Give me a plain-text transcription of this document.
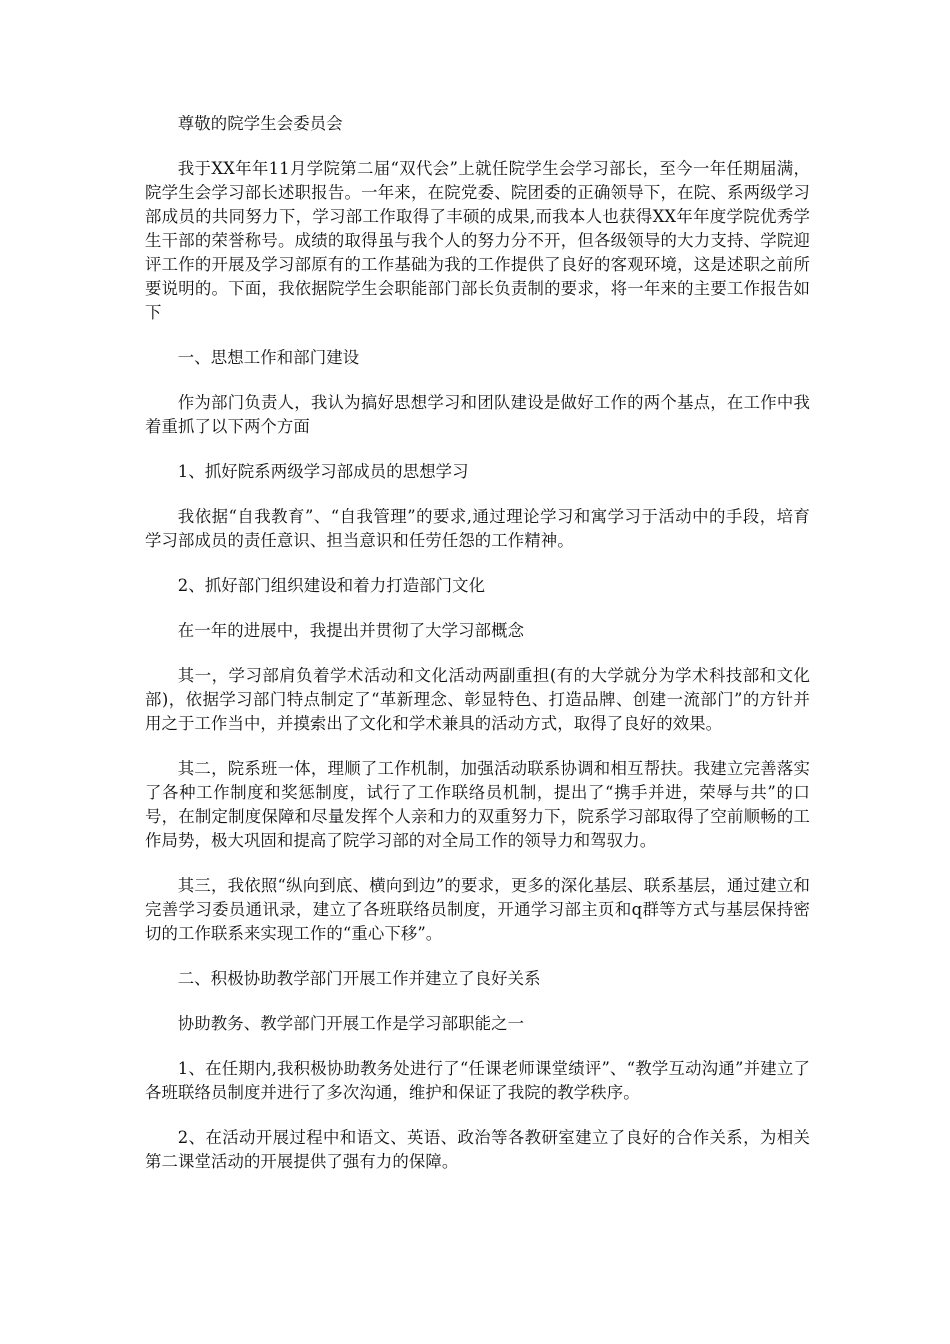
尊敬的院学生会委员会

我于XX年年11月学院第二届“双代会”上就任院学生会学习部长，至今一年任期届满，院学生会学习部长述职报告。一年来，在院党委、院团委的正确领导下，在院、系两级学习部成员的共同努力下，学习部工作取得了丰硕的成果,而我本人也获得XX年年度学院优秀学生干部的荣誉称号。成绩的取得虽与我个人的努力分不开，但各级领导的大力支持、学院迎评工作的开展及学习部原有的工作基础为我的工作提供了良好的客观环境，这是述职之前所要说明的。下面，我依据院学生会职能部门部长负责制的要求，将一年来的主要工作报告如下

一、思想工作和部门建设

作为部门负责人，我认为搞好思想学习和团队建设是做好工作的两个基点，在工作中我着重抓了以下两个方面

1、抓好院系两级学习部成员的思想学习

我依据“自我教育”、“自我管理”的要求,通过理论学习和寓学习于活动中的手段，培育学习部成员的责任意识、担当意识和任劳任怨的工作精神。

2、抓好部门组织建设和着力打造部门文化

在一年的进展中，我提出并贯彻了大学习部概念

其一，学习部肩负着学术活动和文化活动两副重担(有的大学就分为学术科技部和文化部)，依据学习部门特点制定了“革新理念、彰显特色、打造品牌、创建一流部门”的方针并用之于工作当中，并摸索出了文化和学术兼具的活动方式，取得了良好的效果。

其二，院系班一体，理顺了工作机制，加强活动联系协调和相互帮扶。我建立完善落实了各种工作制度和奖惩制度，试行了工作联络员机制，提出了“携手并进，荣辱与共”的口号，在制定制度保障和尽量发挥个人亲和力的双重努力下，院系学习部取得了空前顺畅的工作局势，极大巩固和提高了院学习部的对全局工作的领导力和驾驭力。

其三，我依照“纵向到底、横向到边”的要求，更多的深化基层、联系基层，通过建立和完善学习委员通讯录，建立了各班联络员制度，开通学习部主页和q群等方式与基层保持密切的工作联系来实现工作的“重心下移”。

二、积极协助教学部门开展工作并建立了良好关系

协助教务、教学部门开展工作是学习部职能之一

1、在任期内,我积极协助教务处进行了“任课老师课堂绩评”、“教学互动沟通”并建立了各班联络员制度并进行了多次沟通，维护和保证了我院的教学秩序。

2、在活动开展过程中和语文、英语、政治等各教研室建立了良好的合作关系，为相关第二课堂活动的开展提供了强有力的保障。
